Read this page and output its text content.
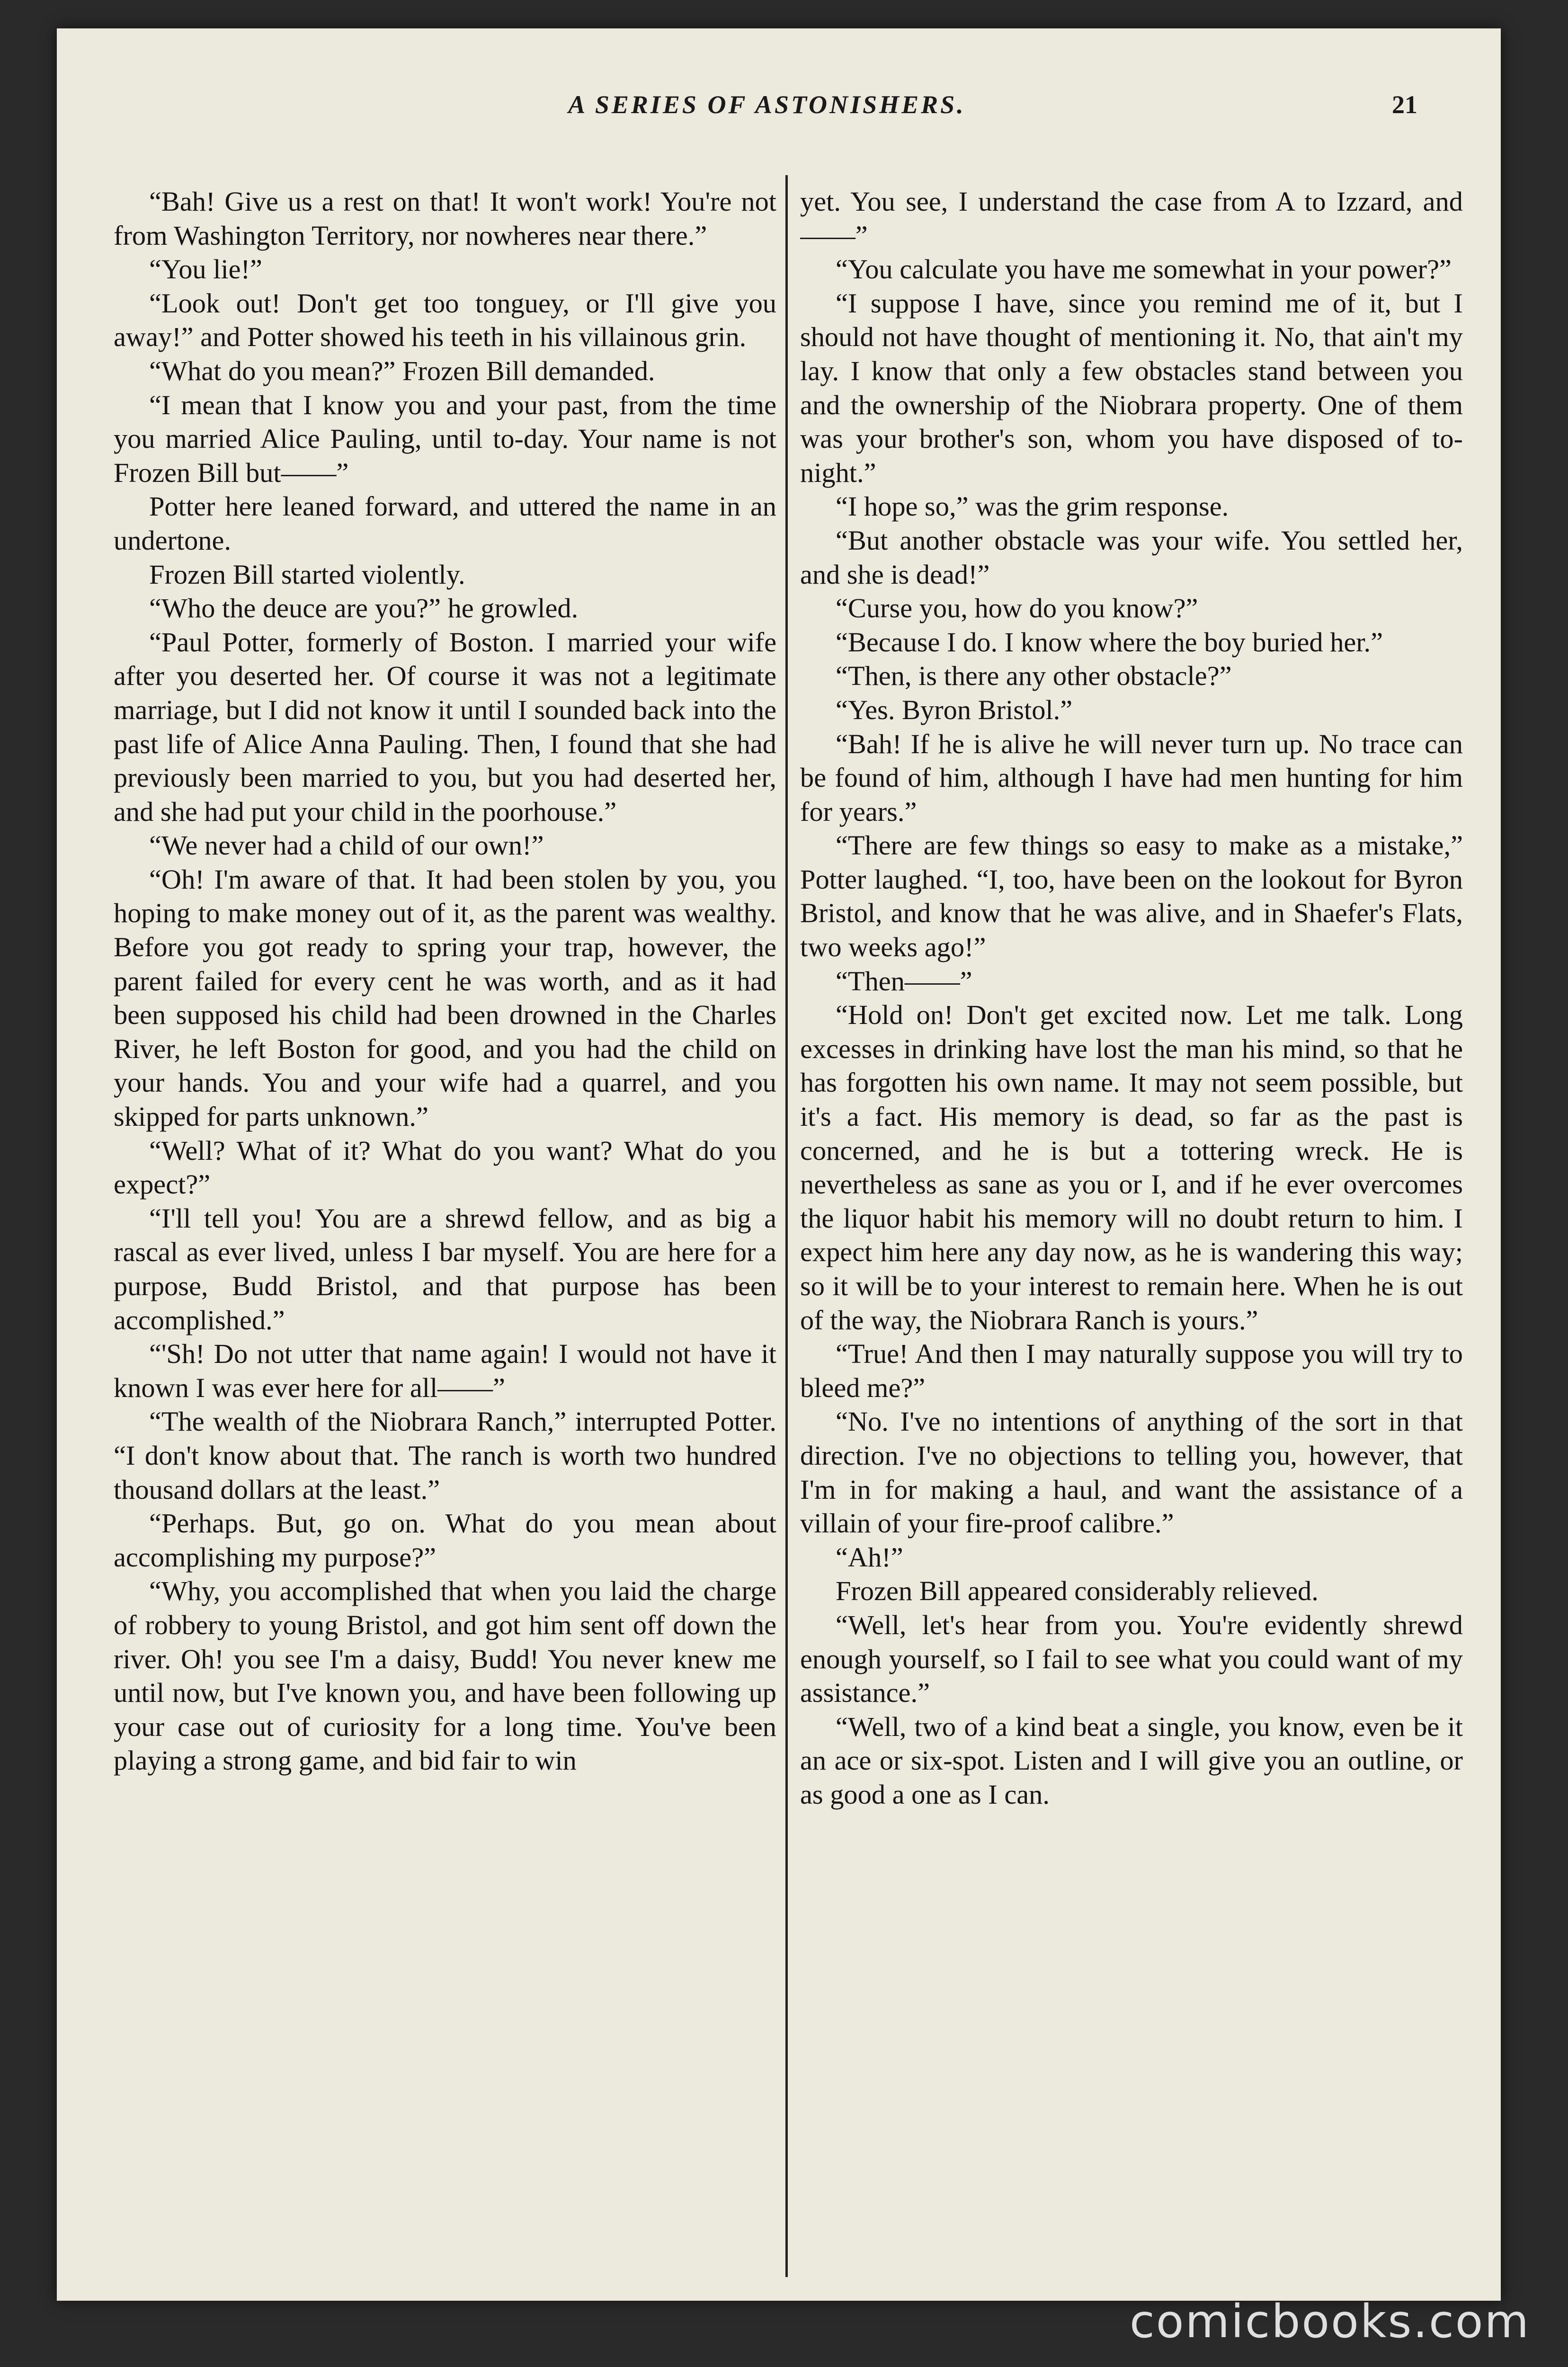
A SERIES OF ASTONISHERS.	21

“Bah! Give us a rest on that! It won't work! You're not from Washington Territory, nor nowheres near there.”

“You lie!”

“Look out! Don't get too tonguey, or I'll give you away!” and Potter showed his teeth in his villainous grin.

“What do you mean?” Frozen Bill demanded.

“I mean that I know you and your past, from the time you married Alice Pauling, until to-day. Your name is not Frozen Bill but——”

Potter here leaned forward, and uttered the name in an undertone.

Frozen Bill started violently.

“Who the deuce are you?” he growled.

“Paul Potter, formerly of Boston. I married your wife after you deserted her. Of course it was not a legitimate marriage, but I did not know it until I sounded back into the past life of Alice Anna Pauling. Then, I found that she had previously been married to you, but you had deserted her, and she had put your child in the poorhouse.”

“We never had a child of our own!”

“Oh! I'm aware of that. It had been stolen by you, you hoping to make money out of it, as the parent was wealthy. Before you got ready to spring your trap, however, the parent failed for every cent he was worth, and as it had been supposed his child had been drowned in the Charles River, he left Boston for good, and you had the child on your hands. You and your wife had a quarrel, and you skipped for parts unknown.”

“Well? What of it? What do you want? What do you expect?”

“I'll tell you! You are a shrewd fellow, and as big a rascal as ever lived, unless I bar myself. You are here for a purpose, Budd Bristol, and that purpose has been accomplished.”

“'Sh! Do not utter that name again! I would not have it known I was ever here for all——”

“The wealth of the Niobrara Ranch,” interrupted Potter. “I don't know about that. The ranch is worth two hundred thousand dollars at the least.”

“Perhaps. But, go on. What do you mean about accomplishing my purpose?”

“Why, you accomplished that when you laid the charge of robbery to young Bristol, and got him sent off down the river. Oh! you see I'm a daisy, Budd! You never knew me until now, but I've known you, and have been following up your case out of curiosity for a long time. You've been playing a strong game, and bid fair to win

yet. You see, I understand the case from A to Izzard, and——”

“You calculate you have me somewhat in your power?”

“I suppose I have, since you remind me of it, but I should not have thought of mentioning it. No, that ain't my lay. I know that only a few obstacles stand between you and the ownership of the Niobrara property. One of them was your brother's son, whom you have disposed of to-night.”

“I hope so,” was the grim response.

“But another obstacle was your wife. You settled her, and she is dead!”

“Curse you, how do you know?”

“Because I do. I know where the boy buried her.”

“Then, is there any other obstacle?”

“Yes. Byron Bristol.”

“Bah! If he is alive he will never turn up. No trace can be found of him, although I have had men hunting for him for years.”

“There are few things so easy to make as a mistake,” Potter laughed. “I, too, have been on the lookout for Byron Bristol, and know that he was alive, and in Shaefer's Flats, two weeks ago!”

“Then——”

“Hold on! Don't get excited now. Let me talk. Long excesses in drinking have lost the man his mind, so that he has forgotten his own name. It may not seem possible, but it's a fact. His memory is dead, so far as the past is concerned, and he is but a tottering wreck. He is nevertheless as sane as you or I, and if he ever overcomes the liquor habit his memory will no doubt return to him. I expect him here any day now, as he is wandering this way; so it will be to your interest to remain here. When he is out of the way, the Niobrara Ranch is yours.”

“True! And then I may naturally suppose you will try to bleed me?”

“No. I've no intentions of anything of the sort in that direction. I've no objections to telling you, however, that I'm in for making a haul, and want the assistance of a villain of your fire-proof calibre.”

“Ah!”

Frozen Bill appeared considerably relieved.

“Well, let's hear from you. You're evidently shrewd enough yourself, so I fail to see what you could want of my assistance.”

“Well, two of a kind beat a single, you know, even be it an ace or six-spot. Listen and I will give you an outline, or as good a one as I can.

comicbooks.com
